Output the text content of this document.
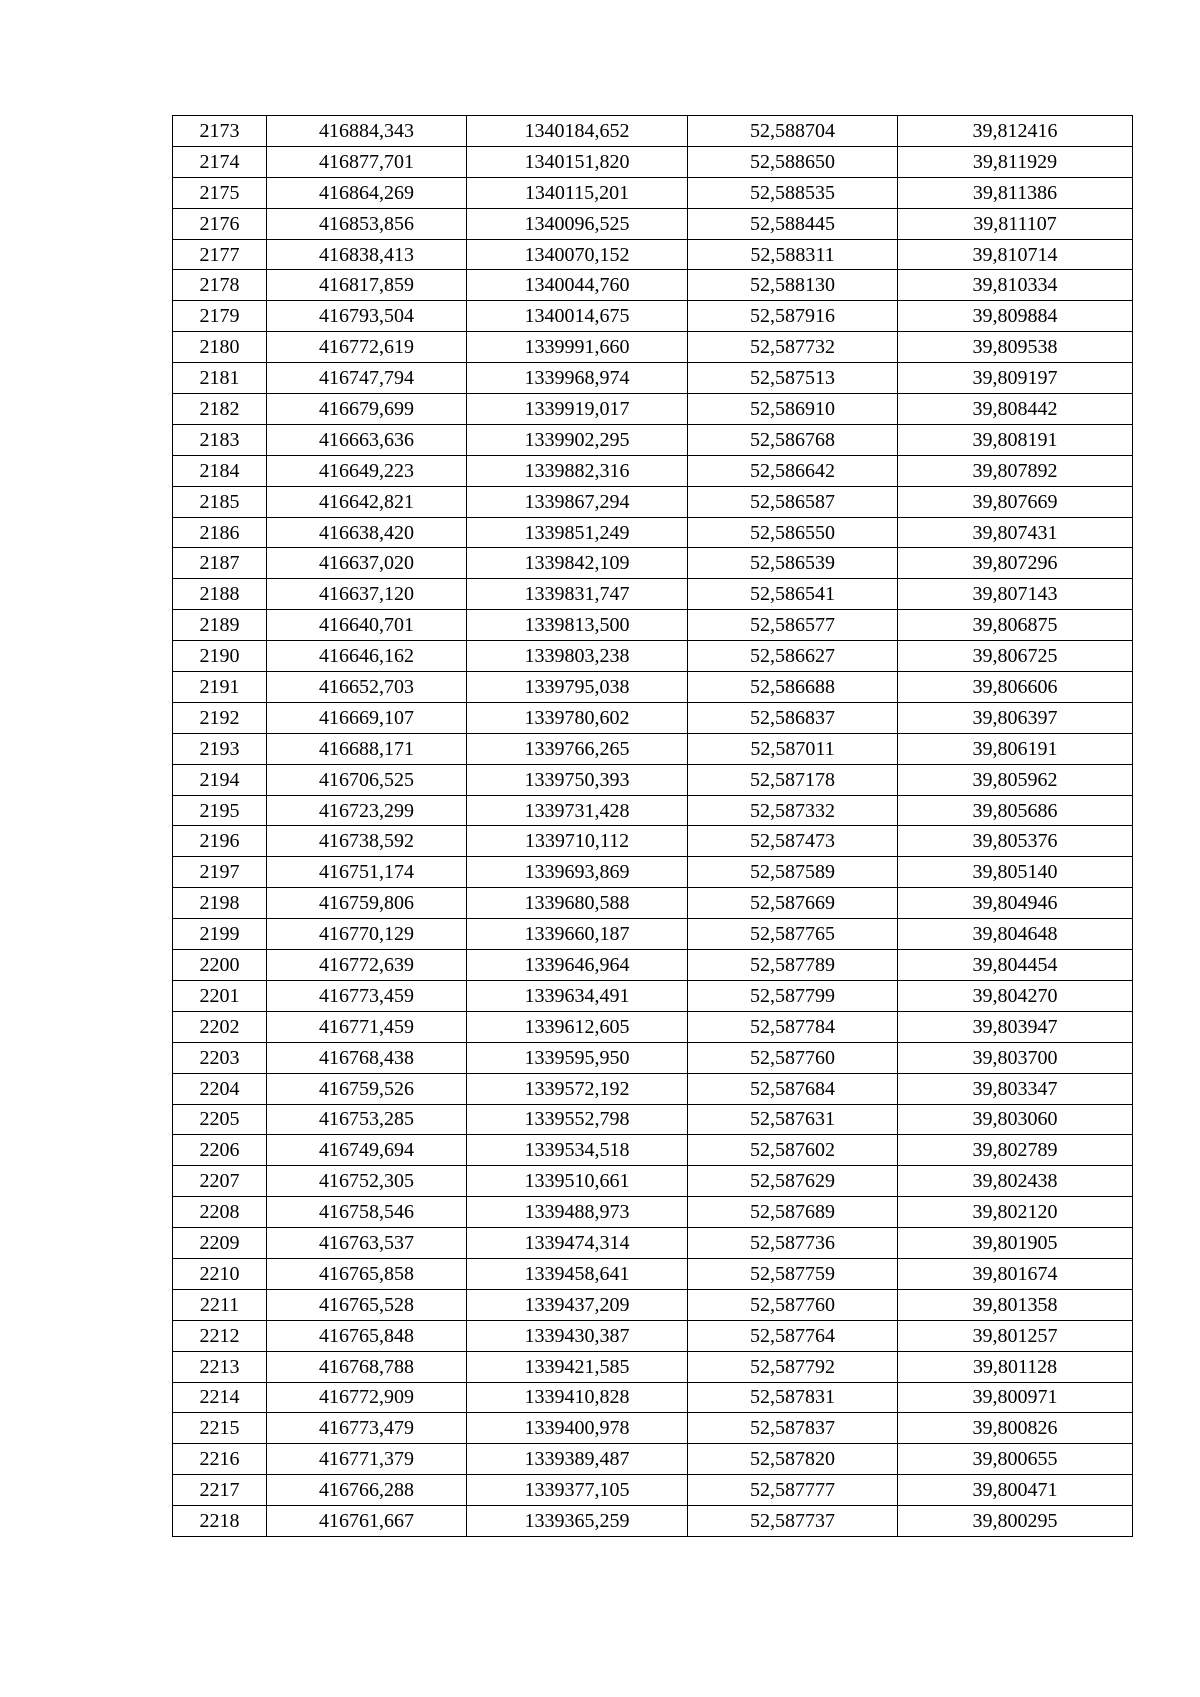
2173	416884,343	1340184,652	52,588704	39,812416
2174	416877,701	1340151,820	52,588650	39,811929
2175	416864,269	1340115,201	52,588535	39,811386
2176	416853,856	1340096,525	52,588445	39,811107
2177	416838,413	1340070,152	52,588311	39,810714
2178	416817,859	1340044,760	52,588130	39,810334
2179	416793,504	1340014,675	52,587916	39,809884
2180	416772,619	1339991,660	52,587732	39,809538
2181	416747,794	1339968,974	52,587513	39,809197
2182	416679,699	1339919,017	52,586910	39,808442
2183	416663,636	1339902,295	52,586768	39,808191
2184	416649,223	1339882,316	52,586642	39,807892
2185	416642,821	1339867,294	52,586587	39,807669
2186	416638,420	1339851,249	52,586550	39,807431
2187	416637,020	1339842,109	52,586539	39,807296
2188	416637,120	1339831,747	52,586541	39,807143
2189	416640,701	1339813,500	52,586577	39,806875
2190	416646,162	1339803,238	52,586627	39,806725
2191	416652,703	1339795,038	52,586688	39,806606
2192	416669,107	1339780,602	52,586837	39,806397
2193	416688,171	1339766,265	52,587011	39,806191
2194	416706,525	1339750,393	52,587178	39,805962
2195	416723,299	1339731,428	52,587332	39,805686
2196	416738,592	1339710,112	52,587473	39,805376
2197	416751,174	1339693,869	52,587589	39,805140
2198	416759,806	1339680,588	52,587669	39,804946
2199	416770,129	1339660,187	52,587765	39,804648
2200	416772,639	1339646,964	52,587789	39,804454
2201	416773,459	1339634,491	52,587799	39,804270
2202	416771,459	1339612,605	52,587784	39,803947
2203	416768,438	1339595,950	52,587760	39,803700
2204	416759,526	1339572,192	52,587684	39,803347
2205	416753,285	1339552,798	52,587631	39,803060
2206	416749,694	1339534,518	52,587602	39,802789
2207	416752,305	1339510,661	52,587629	39,802438
2208	416758,546	1339488,973	52,587689	39,802120
2209	416763,537	1339474,314	52,587736	39,801905
2210	416765,858	1339458,641	52,587759	39,801674
2211	416765,528	1339437,209	52,587760	39,801358
2212	416765,848	1339430,387	52,587764	39,801257
2213	416768,788	1339421,585	52,587792	39,801128
2214	416772,909	1339410,828	52,587831	39,800971
2215	416773,479	1339400,978	52,587837	39,800826
2216	416771,379	1339389,487	52,587820	39,800655
2217	416766,288	1339377,105	52,587777	39,800471
2218	416761,667	1339365,259	52,587737	39,800295
